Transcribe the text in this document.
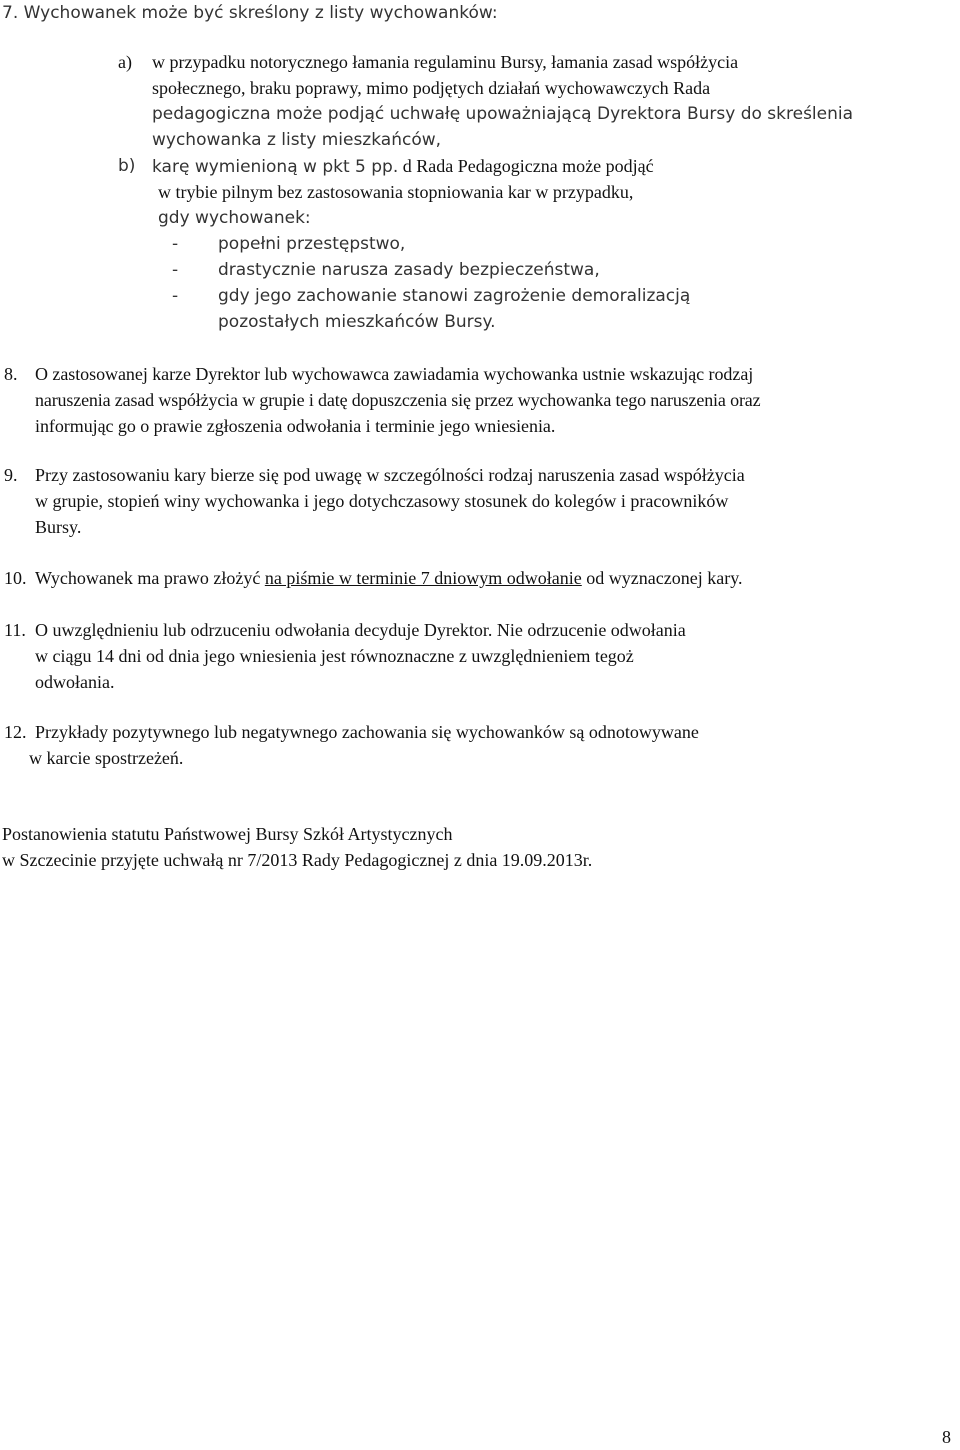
7. Wychowanek może być skreślony z listy wychowanków:
a) w przypadku notorycznego łamania regulaminu Bursy, łamania zasad współżycia
społecznego, braku poprawy, mimo podjętych działań wychowawczych Rada
pedagogiczna może podjąć uchwałę upoważniającą Dyrektora Bursy do skreślenia
wychowanka z listy mieszkańców,
b) karę wymienioną w pkt 5 pp. d Rada Pedagogiczna może podjąć
w trybie pilnym bez zastosowania stopniowania kar w przypadku,
gdy wychowanek:
- popełni przestępstwo,
- drastycznie narusza zasady bezpieczeństwa,
- gdy jego zachowanie stanowi zagrożenie demoralizacją
pozostałych mieszkańców Bursy.
8. O zastosowanej karze Dyrektor lub wychowawca zawiadamia wychowanka ustnie wskazując rodzaj
naruszenia zasad współżycia w grupie i datę dopuszczenia się przez wychowanka tego naruszenia oraz
informując go o prawie zgłoszenia odwołania i terminie jego wniesienia.
9. Przy zastosowaniu kary bierze się pod uwagę w szczególności rodzaj naruszenia zasad współżycia
w grupie, stopień winy wychowanka i jego dotychczasowy stosunek do kolegów i pracowników
Bursy.
10. Wychowanek ma prawo złożyć na piśmie w terminie 7 dniowym odwołanie od wyznaczonej kary.
11. O uwzględnieniu lub odrzuceniu odwołania decyduje Dyrektor. Nie odrzucenie odwołania
w ciągu 14 dni od dnia jego wniesienia jest równoznaczne z uwzględnieniem tegoż
odwołania.
12. Przykłady pozytywnego lub negatywnego zachowania się wychowanków są odnotowywane
w karcie spostrzeżeń.
Postanowienia statutu Państwowej Bursy Szkół Artystycznych
w Szczecinie przyjęte uchwałą nr 7/2013 Rady Pedagogicznej z dnia 19.09.2013r.
8
